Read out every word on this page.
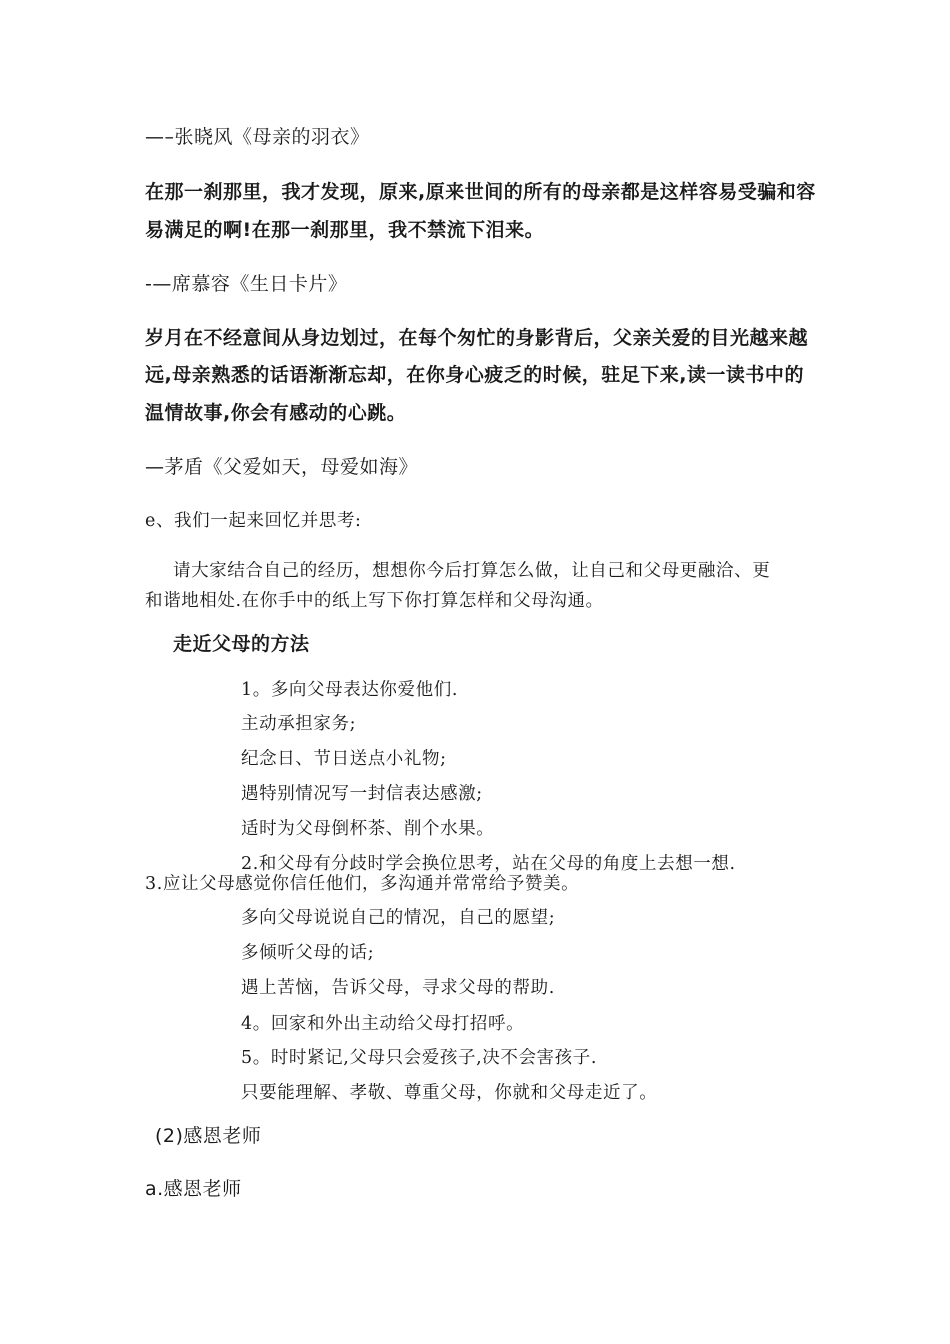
—–张晓风《母亲的羽衣》
在那一刹那里，我才发现，原来,原来世间的所有的母亲都是这样容易受骗和容
易满足的啊!在那一刹那里，我不禁流下泪来。
-—席慕容《生日卡片》
岁月在不经意间从身边划过，在每个匆忙的身影背后，父亲关爱的目光越来越
远,母亲熟悉的话语渐渐忘却，在你身心疲乏的时候，驻足下来,读一读书中的
温情故事,你会有感动的心跳。
—茅盾《父爱如天，母爱如海》
e、我们一起来回忆并思考:
请大家结合自己的经历，想想你今后打算怎么做，让自己和父母更融洽、更
和谐地相处.在你手中的纸上写下你打算怎样和父母沟通。
走近父母的方法
1。多向父母表达你爱他们.
主动承担家务;
纪念日、节日送点小礼物;
遇特别情况写一封信表达感激;
适时为父母倒杯茶、削个水果。
2.和父母有分歧时学会换位思考，站在父母的角度上去想一想.
3.应让父母感觉你信任他们，多沟通并常常给予赞美。
多向父母说说自己的情况，自己的愿望;
多倾听父母的话;
遇上苦恼，告诉父母，寻求父母的帮助.
4。回家和外出主动给父母打招呼。
5。时时紧记,父母只会爱孩子,决不会害孩子.
只要能理解、孝敬、尊重父母，你就和父母走近了。
(2)感恩老师
a.感恩老师
